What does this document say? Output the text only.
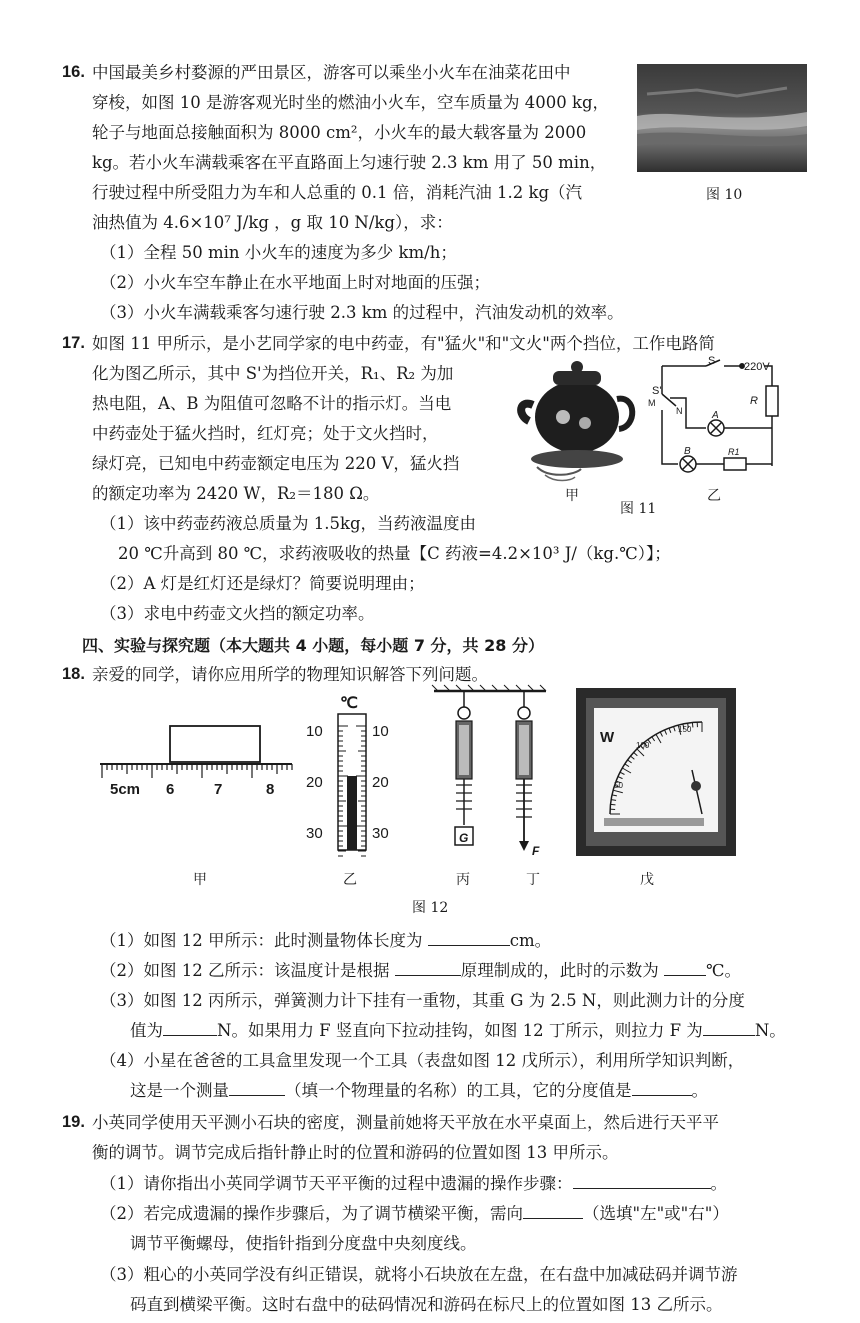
16. 中国最美乡村婺源的严田景区，游客可以乘坐小火车在油菜花田中
穿梭，如图 10 是游客观光时坐的燃油小火车，空车质量为 4000 kg，
轮子与地面总接触面积为 8000 cm²，小火车的最大载客量为 2000
kg。若小火车满载乘客在平直路面上匀速行驶 2.3 km 用了 50 min，
行驶过程中所受阻力为车和人总重的 0.1 倍，消耗汽油 1.2 kg（汽
油热值为 4.6×10⁷ J/kg ，g 取 10 N/kg），求：
（1）全程 50 min 小火车的速度为多少 km/h；
（2）小火车空车静止在水平地面上时对地面的压强；
（3）小火车满载乘客匀速行驶 2.3 km 的过程中，汽油发动机的效率。
图 10
17. 如图 11 甲所示，是小艺同学家的电中药壶，有"猛火"和"文火"两个挡位，工作电路简
化为图乙所示，其中 S'为挡位开关，R₁、R₂ 为加
热电阻，A、B 为阻值可忽略不计的指示灯。当电
中药壶处于猛火挡时，红灯亮；处于文火挡时，
绿灯亮，已知电中药壶额定电压为 220 V，猛火挡
的额定功率为 2420 W，R₂＝180 Ω。
（1）该中药壶药液总质量为 1.5kg，当药液温度由
20 ℃升高到 80 ℃，求药液吸收的热量【C 药液=4.2×10³ J/（kg.℃）】；
（2）A 灯是红灯还是绿灯？简要说明理由；
（3）求电中药壶文火挡的额定功率。
甲
S	220V
S'
M
N
R
A
B	R1
乙
图 11
四、实验与探究题（本大题共 4 小题，每小题 7 分，共 28 分）
18. 亲爱的同学，请你应用所学的物理知识解答下列问题。
5cm 6	7	8
℃
10
20
30
10
20
30	G
F
W	100
150
50
甲	乙	丙	丁	戊
图 12
（1）如图 12 甲所示：此时测量物体长度为	cm。
（2）如图 12 乙所示：该温度计是根据	原理制成的，此时的示数为	℃。
（3）如图 12 丙所示，弹簧测力计下挂有一重物，其重 G 为 2.5 N，则此测力计的分度
值为	N。如果用力 F 竖直向下拉动挂钩，如图 12 丁所示，则拉力 F 为	N。
（4）小星在爸爸的工具盒里发现一个工具（表盘如图 12 戊所示），利用所学知识判断，
这是一个测量	（填一个物理量的名称）的工具，它的分度值是	。
19. 小英同学使用天平测小石块的密度，测量前她将天平放在水平桌面上，然后进行天平平
衡的调节。调节完成后指针静止时的位置和游码的位置如图 13 甲所示。
（1）请你指出小英同学调节天平平衡的过程中遗漏的操作步骤：	。
（2）若完成遗漏的操作步骤后，为了调节横梁平衡，需向	（选填"左"或"右"）
调节平衡螺母，使指针指到分度盘中央刻度线。
（3）粗心的小英同学没有纠正错误，就将小石块放在左盘，在右盘中加减砝码并调节游
码直到横梁平衡。这时右盘中的砝码情况和游码在标尺上的位置如图 13 乙所示。
